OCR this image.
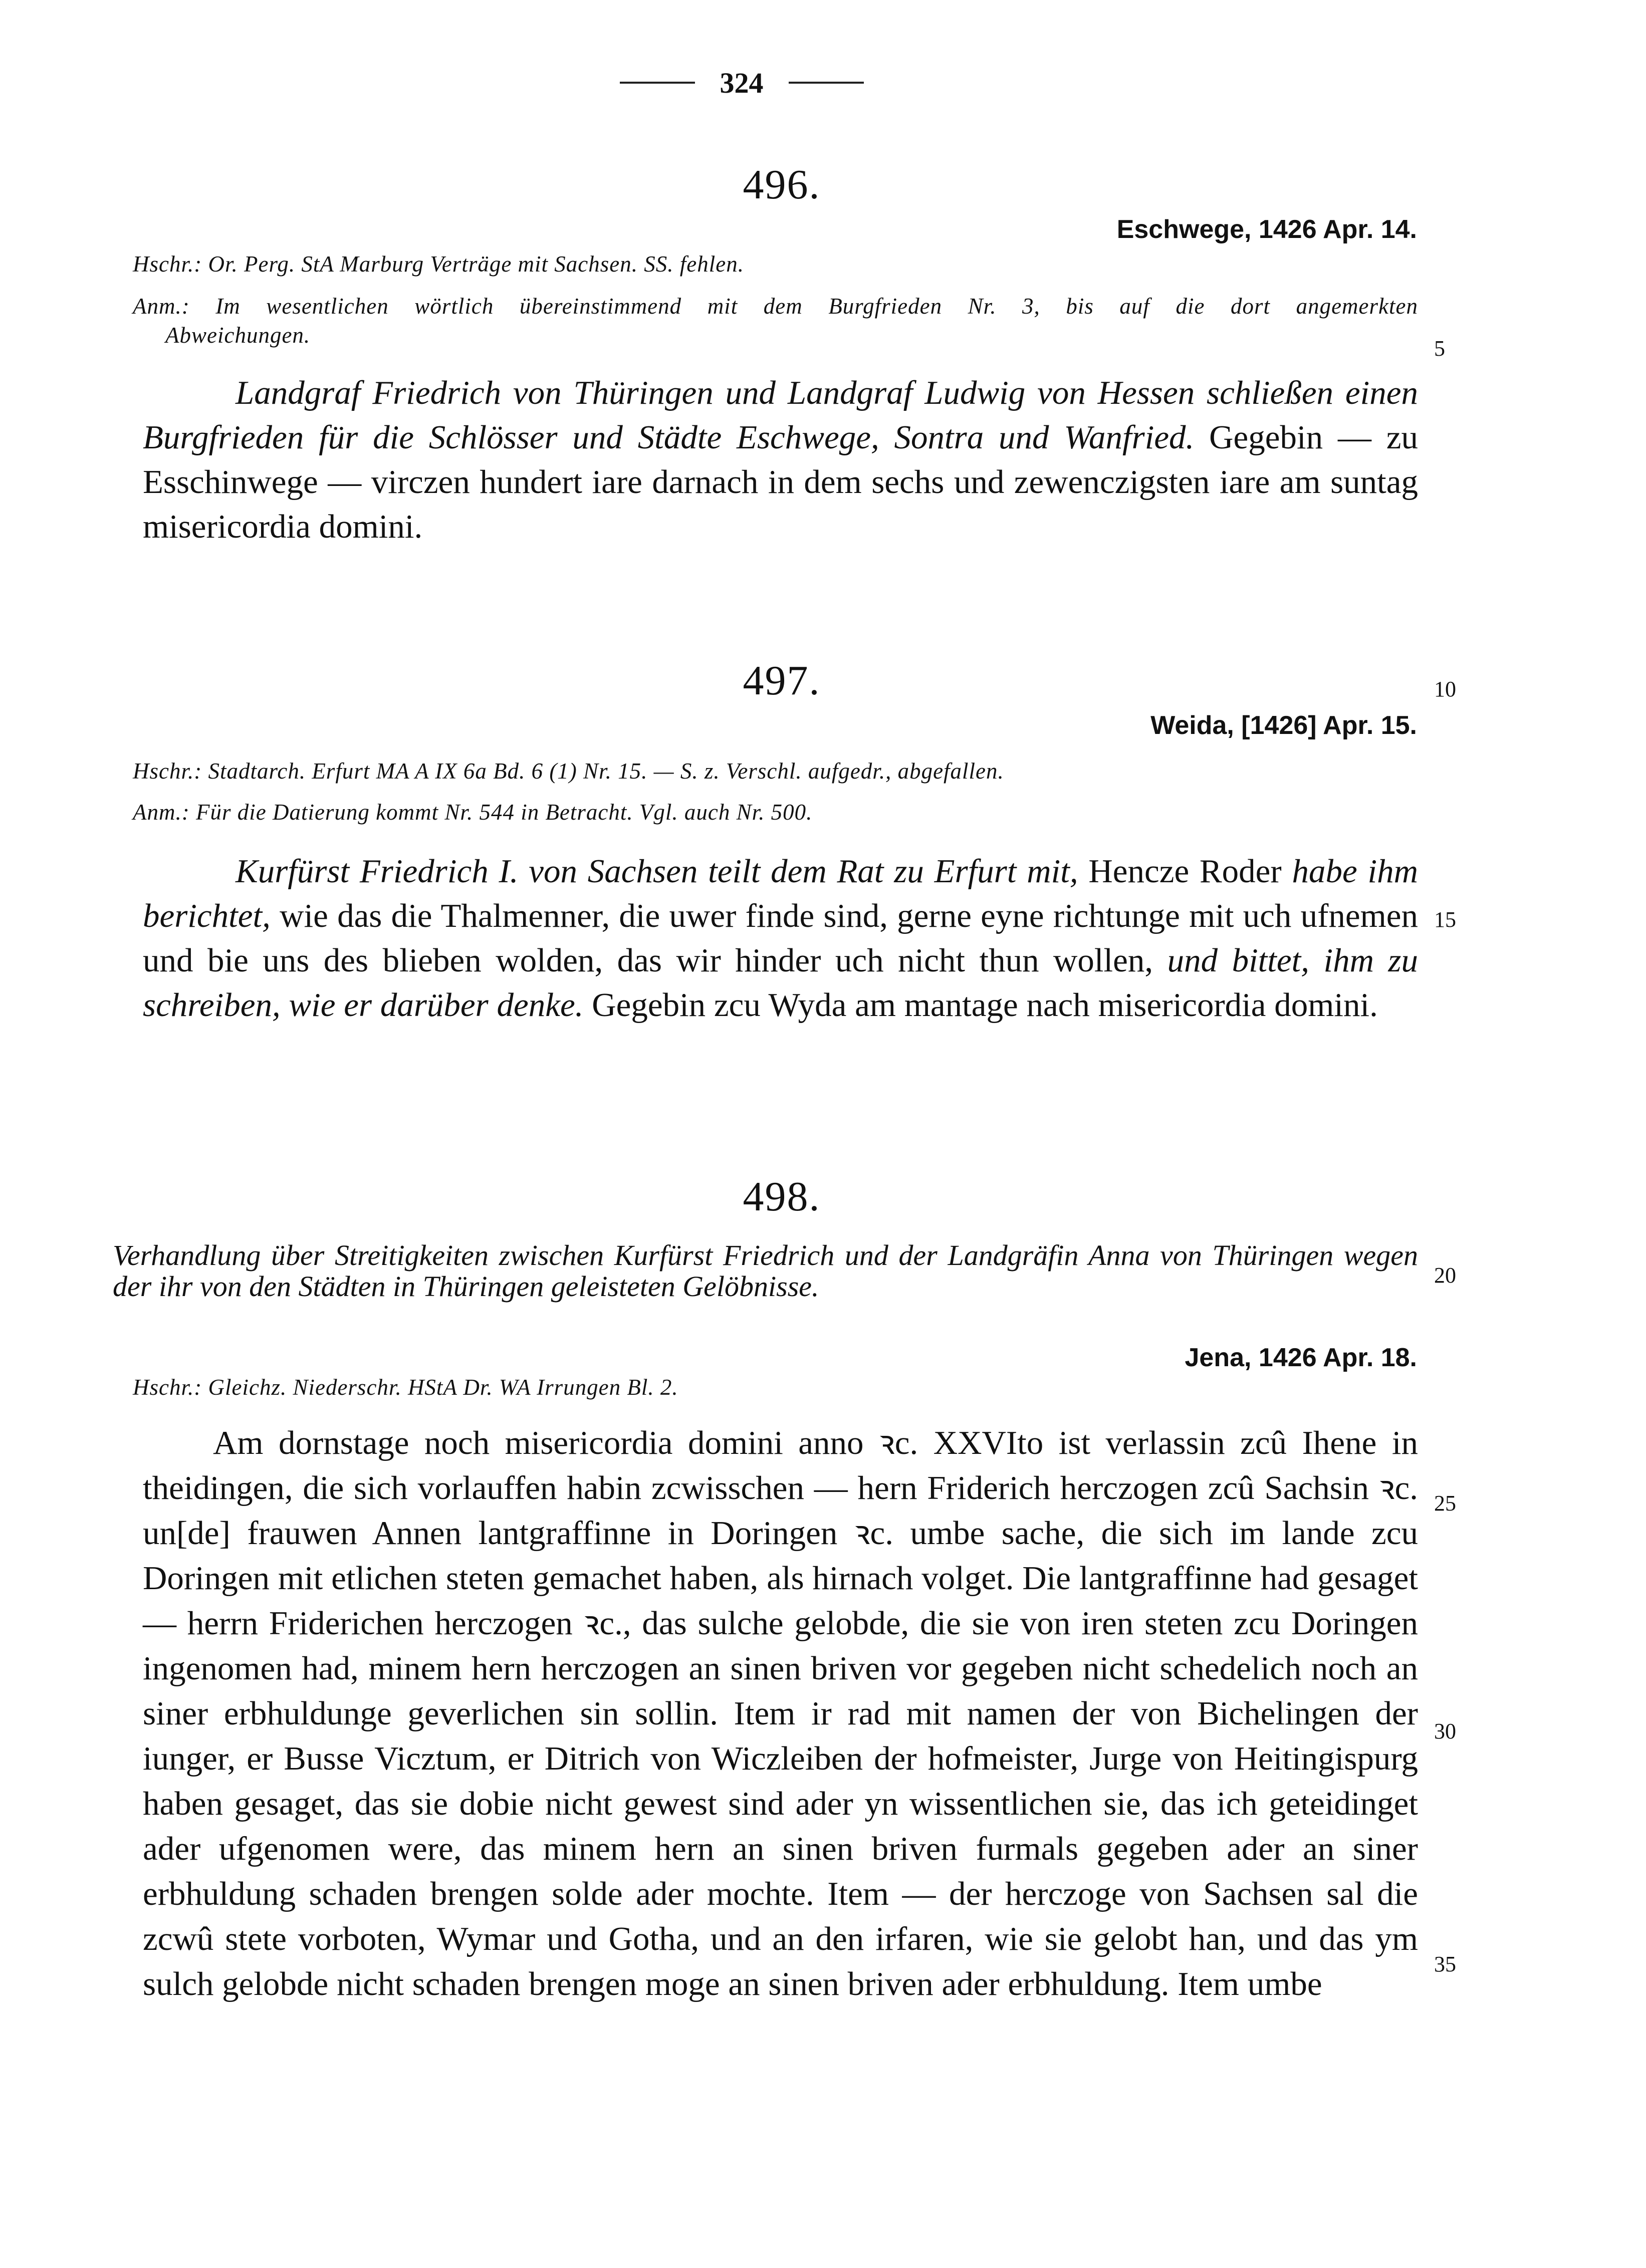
324
496.
Eschwege, 1426 Apr. 14.
Hschr.: Or. Perg. StA Marburg Verträge mit Sachsen. SS. fehlen.
Anm.: Im wesentlichen wörtlich übereinstimmend mit dem Burgfrieden Nr. 3, bis auf die dort angemerkten
Abweichungen.

Landgraf Friedrich von Thüringen und Landgraf Ludwig von Hessen schließen einen Burgfrieden für die Schlösser und Städte Eschwege, Sontra und Wanfried. Gegebin — zu Esschinwege — virczen hundert iare darnach in dem sechs und zewenczigsten iare am suntag misericordia domini.

497.
Weida, [1426] Apr. 15.
Hschr.: Stadtarch. Erfurt MA A IX 6a Bd. 6 (1) Nr. 15. — S. z. Verschl. aufgedr., abgefallen.
Anm.: Für die Datierung kommt Nr. 544 in Betracht. Vgl. auch Nr. 500.

Kurfürst Friedrich I. von Sachsen teilt dem Rat zu Erfurt mit, Hencze Roder habe ihm berichtet, wie das die Thalmenner, die uwer finde sind, gerne eyne richtunge mit uch ufnemen und bie uns des blieben wolden, das wir hinder uch nicht thun wollen, und bittet, ihm zu schreiben, wie er darüber denke. Gegebin zcu Wyda am mantage nach misericordia domini.

498.
Verhandlung über Streitigkeiten zwischen Kurfürst Friedrich und der Landgräfin Anna von Thüringen wegen der ihr von den Städten in Thüringen geleisteten Gelöbnisse.
Jena, 1426 Apr. 18.
Hschr.: Gleichz. Niederschr. HStA Dr. WA Irrungen Bl. 2.

Am dornstage noch misericordia domini anno ꝛc. XXVIto ist verlassin zcû Ihene in theidingen, die sich vorlauffen habin zcwisschen — hern Friderich herczogen zcû Sachsin ꝛc. un[de] frauwen Annen lantgraffinne in Doringen ꝛc. umbe sache, die sich im lande zcu Doringen mit etlichen steten gemachet haben, als hirnach volget. Die lantgraffinne had gesaget — herrn Friderichen herczogen ꝛc., das sulche gelobde, die sie von iren steten zcu Doringen ingenomen had, minem hern herczogen an sinen briven vor gegeben nicht schedelich noch an siner erbhuldunge geverlichen sin sollin. Item ir rad mit namen der von Bichelingen der iunger, er Busse Vicztum, er Ditrich von Wiczleiben der hofmeister, Jurge von Heitingispurg haben gesaget, das sie dobie nicht gewest sind ader yn wissentlichen sie, das ich geteidinget ader ufgenomen were, das minem hern an sinen briven furmals gegeben ader an siner erbhuldung schaden brengen solde ader mochte. Item — der herczoge von Sachsen sal die zcwû stete vorboten, Wymar und Gotha, und an den irfaren, wie sie gelobt han, und das ym sulch gelobde nicht schaden brengen moge an sinen briven ader erbhuldung. Item umbe

5
10
15
20
25
30
35
